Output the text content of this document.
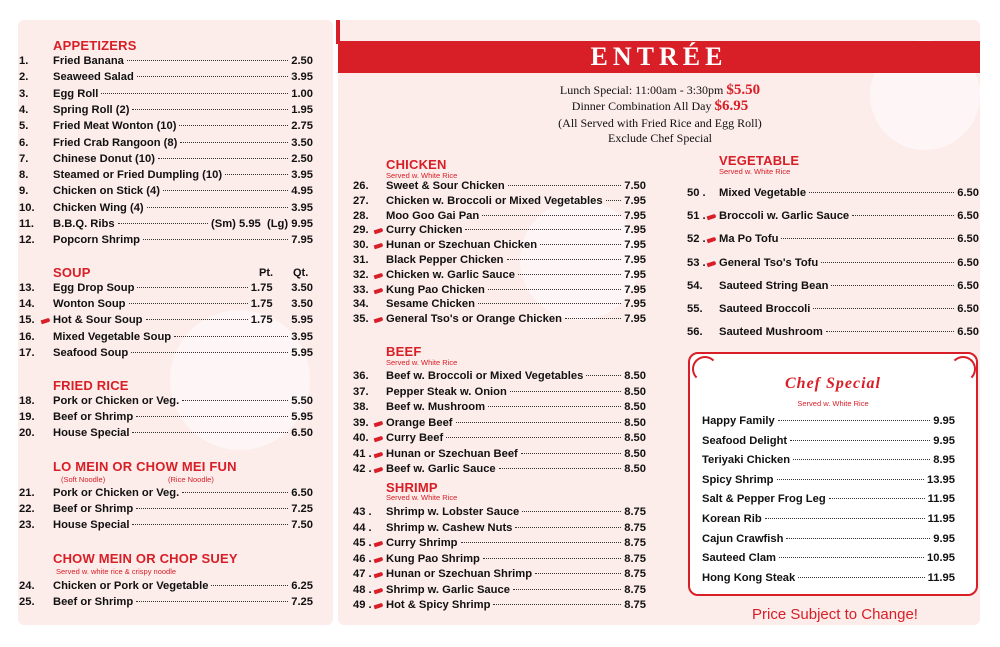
ENTRÉE
Lunch Special: 11:00am - 3:30pm $5.50
Dinner Combination All Day $6.95
(All Served with Fried Rice and Egg Roll)
Exclude Chef Special
APPETIZERS
SOUP	Pt. Qt.
FRIED RICE
LO MEIN OR CHOW MEI FUN
(Soft Noodle)	(Rice Noodle)
CHOW MEIN OR CHOP SUEY
Served w. white rice & crispy noodle
CHICKEN
Served w. White Rice
BEEF
Served w. White Rice
SHRIMP
Served w. White Rice
VEGETABLE
Served w. White Rice
Chef Special
Served w. White Rice
1. Fried Banana	2.50
2. Seaweed Salad	3.95
3. Egg Roll	1.00
4. Spring Roll (2)	1.95
5. Fried Meat Wonton (10)	2.75
6. Fried Crab Rangoon (8)	3.50
7. Chinese Donut (10)	2.50
8. Steamed or Fried Dumpling (10)	3.95
9. Chicken on Stick (4)	4.95
10. Chicken Wing (4)	3.95
11. B.B.Q. Ribs	(Sm) 5.95  (Lg) 9.95
12. Popcorn Shrimp	7.95
13. Egg Drop Soup	1.75      3.50
14. Wonton Soup	1.75      3.50
15. Hot & Sour Soup	1.75      5.95
16. Mixed Vegetable Soup	3.95
17. Seafood Soup	5.95
18. Pork or Chicken or Veg.	5.50
19. Beef or Shrimp	5.95
20. House Special	6.50
21. Pork or Chicken or Veg.	6.50
22. Beef or Shrimp	7.25
23. House Special	7.50
24. Chicken or Pork or Vegetable	6.25
25. Beef or Shrimp	7.25
26. Sweet & Sour Chicken	7.50
27. Chicken w. Broccoli or Mixed Vegetables 7.95
28. Moo Goo Gai Pan	7.95
29. Curry Chicken	7.95
30. Hunan or Szechuan Chicken	7.95
31. Black Pepper Chicken	7.95
32. Chicken w. Garlic Sauce	7.95
33. Kung Pao Chicken	7.95
34. Sesame Chicken	7.95
35. General Tso's or Orange Chicken	7.95
36. Beef w. Broccoli or Mixed Vegetables	8.50
37. Pepper Steak w. Onion	8.50
38. Beef w. Mushroom	8.50
39. Orange Beef	8.50
40. Curry Beef	8.50
41 . Hunan or Szechuan Beef	8.50
42 . Beef w. Garlic Sauce	8.50
43 . Shrimp w. Lobster Sauce	8.75
44 . Shrimp w. Cashew Nuts	8.75
45 . Curry Shrimp	8.75
46 . Kung Pao Shrimp	8.75
47 . Hunan or Szechuan Shrimp	8.75
48 . Shrimp w. Garlic Sauce	8.75
49 . Hot & Spicy Shrimp	8.75
50 . Mixed Vegetable	6.50
51 . Broccoli w. Garlic Sauce	6.50
52 . Ma Po Tofu	6.50
53 . General Tso's Tofu	6.50
54. Sauteed String Bean	6.50
55. Sauteed Broccoli	6.50
56. Sauteed Mushroom	6.50
Happy Family	9.95
Seafood Delight	9.95
Teriyaki Chicken	8.95
Spicy Shrimp	13.95
Salt & Pepper Frog Leg	11.95
Korean Rib	11.95
Cajun Crawfish	9.95
Sauteed Clam	10.95
Hong Kong Steak	11.95
Price Subject to Change!
